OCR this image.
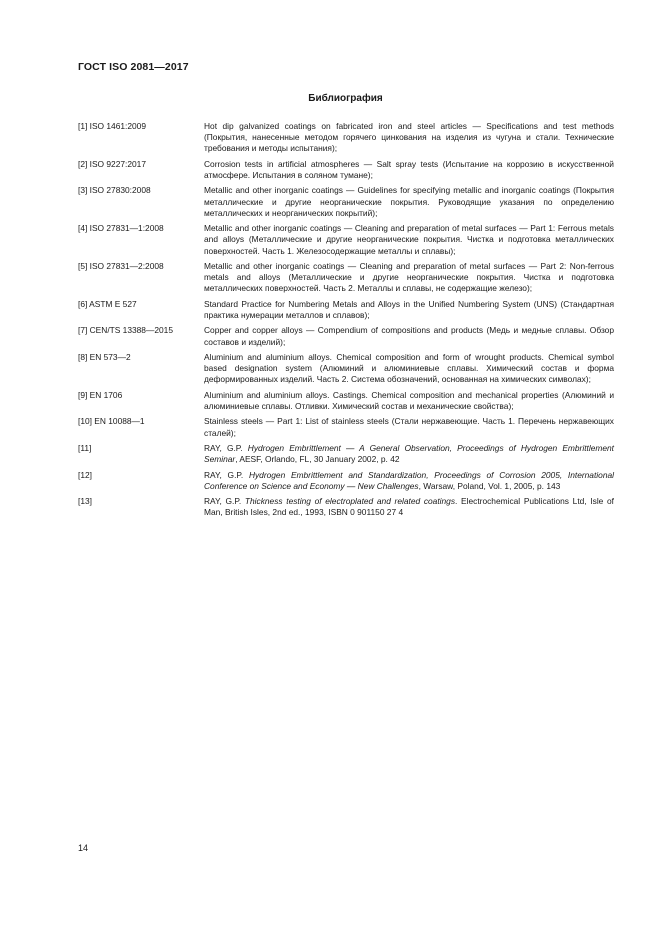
ГОСТ ISO 2081—2017
Библиография
[1] ISO 1461:2009	Hot dip galvanized coatings on fabricated iron and steel articles — Specifications and test methods (Покрытия, нанесенные методом горячего цинкования на изделия из чугуна и стали. Технические требования и методы испытания);
[2] ISO 9227:2017	Corrosion tests in artificial atmospheres — Salt spray tests (Испытание на коррозию в искусственной атмосфере. Испытания в соляном тумане);
[3] ISO 27830:2008	Metallic and other inorganic coatings — Guidelines for specifying metallic and inorganic coatings (Покрытия металлические и другие неорганические покрытия. Руководящие указания по определению металлических и неорганических покрытий);
[4] ISO 27831—1:2008	Metallic and other inorganic coatings — Cleaning and preparation of metal surfaces — Part 1: Ferrous metals and alloys (Металлические и другие неорганические покрытия. Чистка и подготовка металлических поверхностей. Часть 1. Железосодержащие металлы и сплавы);
[5] ISO 27831—2:2008	Metallic and other inorganic coatings — Cleaning and preparation of metal surfaces — Part 2: Non-ferrous metals and alloys (Металлические и другие неорганические покрытия. Чистка и подготовка металлических поверхностей. Часть 2. Металлы и сплавы, не содержащие железо);
[6] ASTM E 527	Standard Practice for Numbering Metals and Alloys in the Unified Numbering System (UNS) (Стандартная практика нумерации металлов и сплавов);
[7] CEN/TS 13388—2015	Copper and copper alloys — Compendium of compositions and products (Медь и медные сплавы. Обзор составов и изделий);
[8] EN 573—2	Aluminium and aluminium alloys. Chemical composition and form of wrought products. Chemical symbol based designation system (Алюминий и алюминиевые сплавы. Химический состав и форма деформированных изделий. Часть 2. Система обозначений, основанная на химических символах);
[9] EN 1706	Aluminium and aluminium alloys. Castings. Chemical composition and mechanical properties (Алюминий и алюминиевые сплавы. Отливки. Химический состав и механические свойства);
[10] EN 10088—1	Stainless steels — Part 1: List of stainless steels (Стали нержавеющие. Часть 1. Перечень нержавеющих сталей);
[11]	RAY, G.P. Hydrogen Embrittlement — A General Observation, Proceedings of Hydrogen Embrittlement Seminar, AESF, Orlando, FL, 30 January 2002, p. 42
[12]	RAY, G.P. Hydrogen Embrittlement and Standardization, Proceedings of Corrosion 2005, International Conference on Science and Economy — New Challenges, Warsaw, Poland, Vol. 1, 2005, p. 143
[13]	RAY, G.P. Thickness testing of electroplated and related coatings. Electrochemical Publications Ltd, Isle of Man, British Isles, 2nd ed., 1993, ISBN 0 901150 27 4
14
